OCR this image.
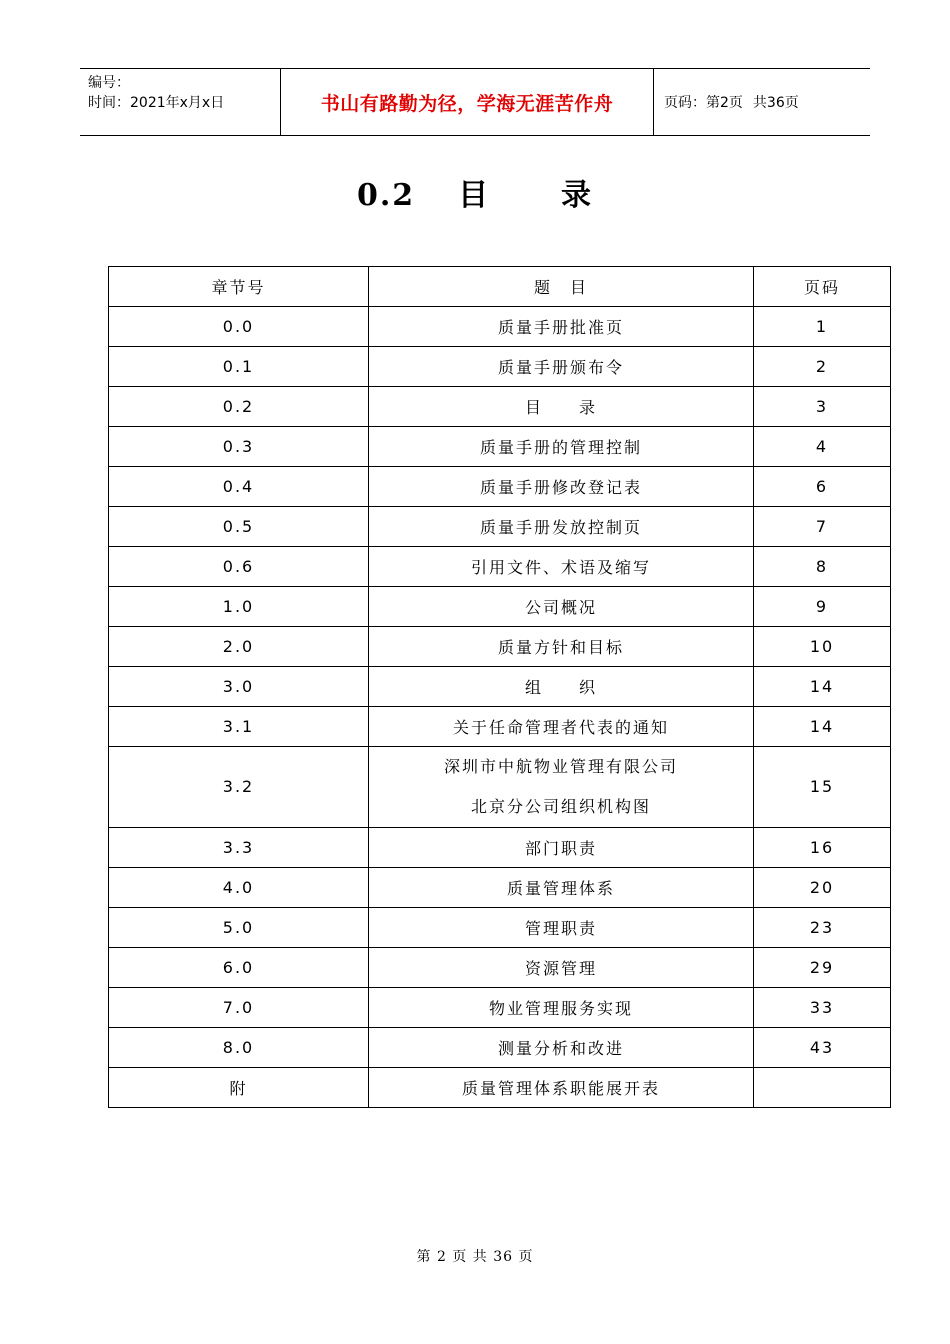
编号：
时间：2021年x月x日	书山有路勤为径，学海无涯苦作舟	页码：第2页 共36页
0.2 目 录
章节号	题　目	页码
0.0	质量手册批准页	1
0.1	质量手册颁布令	2
0.2	目　　录	3
0.3	质量手册的管理控制	4
0.4	质量手册修改登记表	6
0.5	质量手册发放控制页	7
0.6	引用文件、术语及缩写	8
1.0	公司概况	9
2.0	质量方针和目标	10
3.0	组　　织	14
3.1	关于任命管理者代表的通知	14
3.2	深圳市中航物业管理有限公司
北京分公司组织机构图	15
3.3	部门职责	16
4.0	质量管理体系	20
5.0	管理职责	23
6.0	资源管理	29
7.0	物业管理服务实现	33
8.0	测量分析和改进	43
附	质量管理体系职能展开表	
第 2 页 共 36 页
